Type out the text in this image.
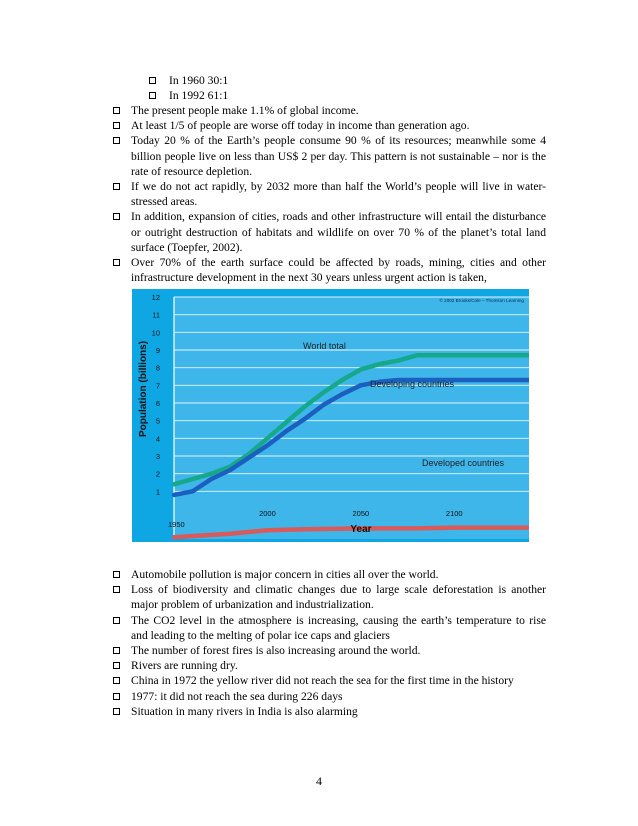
In 1960 30:1
In 1992 61:1
The present people make 1.1% of global income.
At least 1/5 of people are worse off today in income than generation ago.
Today 20 % of the Earth’s people consume 90 % of its resources; meanwhile some 4 billion people live on less than US$ 2 per day. This pattern is not sustainable – nor is the rate of resource depletion.
If we do not act rapidly, by 2032 more than half the World’s people will live in water-stressed areas.
In addition, expansion of cities, roads and other infrastructure will entail the disturbance or outright destruction of habitats and wildlife on over 70 % of the planet’s total land surface (Toepfer, 2002).
Over 70% of the earth surface could be affected by roads, mining, cities and other infrastructure development in the next 30 years unless urgent action is taken,
1
2
3
4
5
6
7
8
9
10
11
12
1950
2000	2050	2100
© 2002 Brooks/Cole – Thomson Learning
Population (billions)
Year
World total
Developing countries
Developed countries
Automobile pollution is major concern in cities all over the world.
Loss of biodiversity and climatic changes due to large scale deforestation is another major problem of urbanization and industrialization.
The CO2 level in the atmosphere is increasing, causing the earth’s temperature to rise and leading to the melting of polar ice caps and glaciers
The number of forest fires is also increasing around the world.
Rivers are running dry.
China in 1972 the yellow river did not reach the sea for the first time in the history
1977: it did not reach the sea during 226 days
Situation in many rivers in India is also alarming
4
